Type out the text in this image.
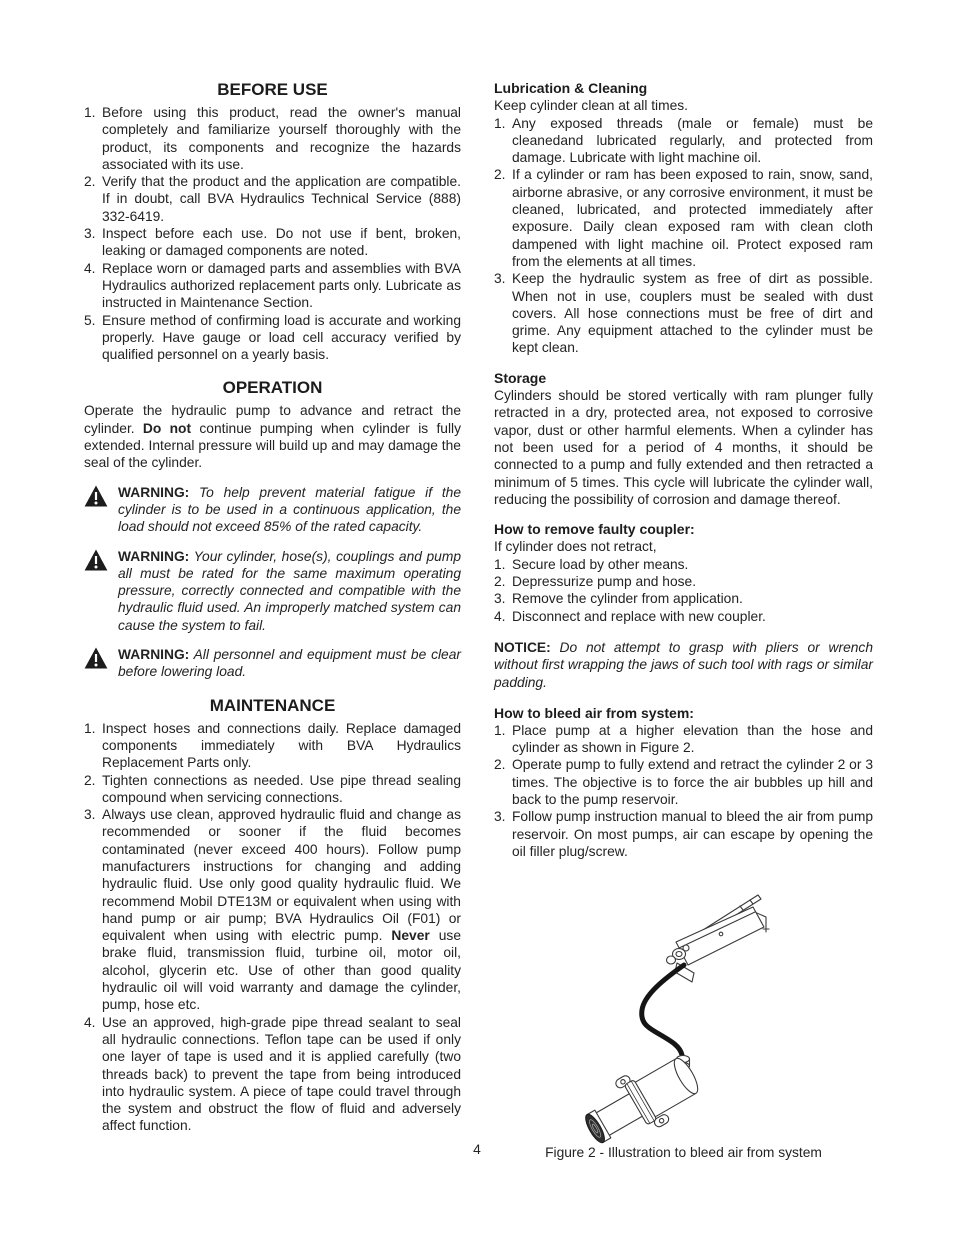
BEFORE USE
1. Before using this product, read the owner's manual completely and familiarize yourself thoroughly with the product, its components and recognize the hazards associated with its use.
2. Verify that the product and the application are compatible. If in doubt, call BVA Hydraulics Technical Service (888) 332-6419.
3. Inspect before each use. Do not use if bent, broken, leaking or damaged components are noted.
4. Replace worn or damaged parts and assemblies with BVA Hydraulics authorized replacement parts only. Lubricate as instructed in Maintenance Section.
5. Ensure method of confirming load is accurate and working properly. Have gauge or load cell accuracy verified by qualified personnel on a yearly basis.
OPERATION

Operate the hydraulic pump to advance and retract the cylinder. Do not continue pumping when cylinder is fully extended. Internal pressure will build up and may damage the seal of the cylinder.

WARNING: To help prevent material fatigue if the cylinder is to be used in a continuous application, the load should not exceed 85% of the rated capacity.
WARNING: Your cylinder, hose(s), couplings and pump all must be rated for the same maximum operating pressure, correctly connected and compatible with the hydraulic fluid used. An improperly matched system can cause the system to fail.
WARNING: All personnel and equipment must be clear before lowering load.
MAINTENANCE
1. Inspect hoses and connections daily. Replace damaged components immediately with BVA Hydraulics Replacement Parts only.
2. Tighten connections as needed. Use pipe thread sealing compound when servicing connections.
3. Always use clean, approved hydraulic fluid and change as recommended or sooner if the fluid becomes contaminated (never exceed 400 hours). Follow pump manufacturers instructions for changing and adding hydraulic fluid. Use only good quality hydraulic fluid. We recommend Mobil DTE13M or equivalent when using with hand pump or air pump; BVA Hydraulics Oil (F01) or equivalent when using with electric pump. Never use brake fluid, transmission fluid, turbine oil, motor oil, alcohol, glycerin etc. Use of other than good quality hydraulic oil will void warranty and damage the cylinder, pump, hose etc.
4. Use an approved, high-grade pipe thread sealant to seal all hydraulic connections. Teflon tape can be used if only one layer of tape is used and it is applied carefully (two threads back) to prevent the tape from being introduced into hydraulic system. A piece of tape could travel through the system and obstruct the flow of fluid and adversely affect function.
Lubrication & Cleaning

Keep cylinder clean at all times.

1. Any exposed threads (male or female) must be cleanedand lubricated regularly, and protected from damage. Lubricate with light machine oil.
2. If a cylinder or ram has been exposed to rain, snow, sand, airborne abrasive, or any corrosive environment, it must be cleaned, lubricated, and protected immediately after exposure. Daily clean exposed ram with clean cloth dampened with light machine oil. Protect exposed ram from the elements at all times.
3. Keep the hydraulic system as free of dirt as possible. When not in use, couplers must be sealed with dust covers. All hose connections must be free of dirt and grime. Any equipment attached to the cylinder must be kept clean.
Storage

Cylinders should be stored vertically with ram plunger fully retracted in a dry, protected area, not exposed to corrosive vapor, dust or other harmful elements. When a cylinder has not been used for a period of 4 months, it should be connected to a pump and fully extended and then retracted a minimum of 5 times. This cycle will lubricate the cylinder wall, reducing the possibility of corrosion and damage thereof.

How to remove faulty coupler:

If cylinder does not retract,

1. Secure load by other means.
2. Depressurize pump and hose.
3. Remove the cylinder from application.
4. Disconnect and replace with new coupler.

NOTICE: Do not attempt to grasp with pliers or wrench without first wrapping the jaws of such tool with rags or similar padding.

How to bleed air from system:
1. Place pump at a higher elevation than the hose and cylinder as shown in Figure 2.
2. Operate pump to fully extend and retract the cylinder 2 or 3 times. The objective is to force the air bubbles up hill and back to the pump reservoir.
3. Follow pump instruction manual to bleed the air from pump reservoir. On most pumps, air can escape by opening the oil filler plug/screw.

Figure 2 - Illustration to bleed air from system

4
